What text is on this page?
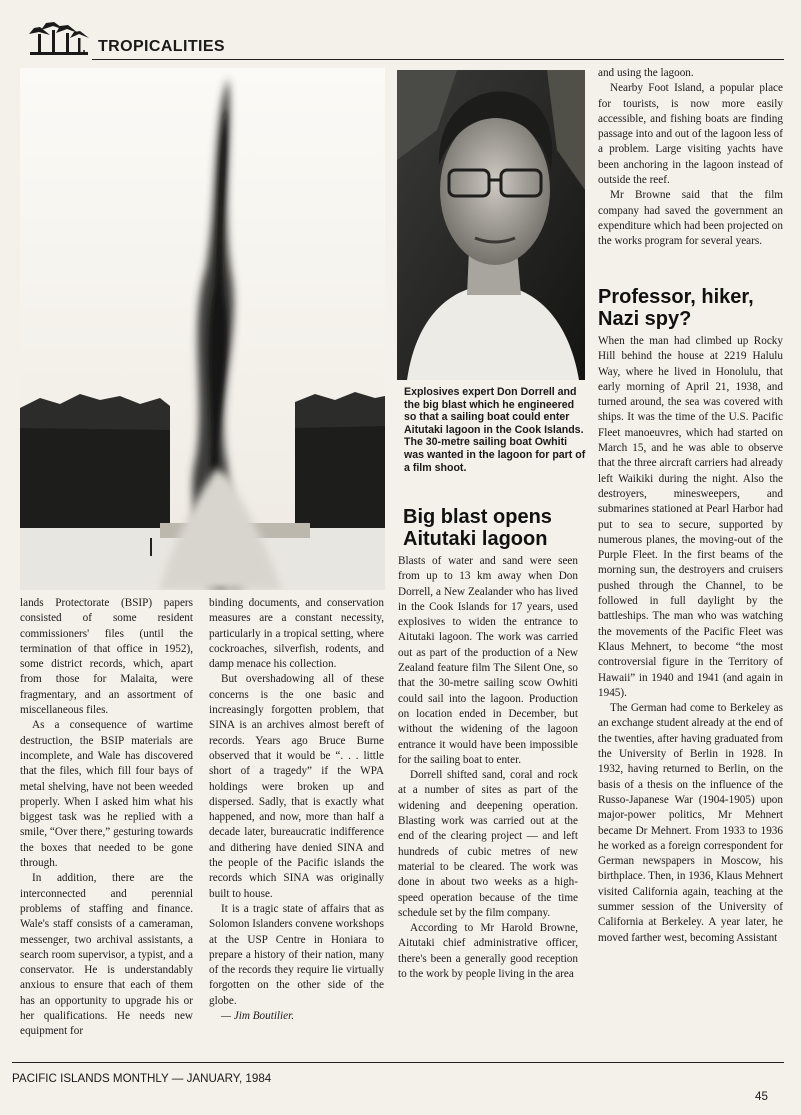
TROPICALITIES
Explosives expert Don Dorrell and the big blast which he engineered so that a sailing boat could enter Aitutaki lagoon in the Cook Islands. The 30-metre sailing boat Owhiti was wanted in the lagoon for part of a film shoot.

lands Protectorate (BSIP) papers consisted of some resident commissioners' files (until the termination of that office in 1952), some district records, which, apart from those for Malaita, were fragmentary, and an assortment of miscellaneous files.

As a consequence of wartime destruction, the BSIP materials are incomplete, and Wale has discovered that the files, which fill four bays of metal shelving, have not been weeded properly. When I asked him what his biggest task was he replied with a smile, “Over there,” gesturing towards the boxes that needed to be gone through.

In addition, there are the interconnected and perennial problems of staffing and finance. Wale's staff consists of a cameraman, messenger, two archival assistants, a search room supervisor, a typist, and a conservator. He is understandably anxious to ensure that each of them has an opportunity to upgrade his or her qualifications. He needs new equipment for

binding documents, and conservation measures are a constant necessity, particularly in a tropical setting, where cockroaches, silverfish, rodents, and damp menace his collection.

But overshadowing all of these concerns is the one basic and increasingly forgotten problem, that SINA is an archives almost bereft of records. Years ago Bruce Burne observed that it would be “. . . little short of a tragedy” if the WPA holdings were broken up and dispersed. Sadly, that is exactly what happened, and now, more than half a decade later, bureaucratic indifference and dithering have denied SINA and the people of the Pacific islands the records which SINA was originally built to house.

It is a tragic state of affairs that as Solomon Islanders convene workshops at the USP Centre in Honiara to prepare a history of their nation, many of the records they require lie virtually forgotten on the other side of the globe.

— Jim Boutilier.

Big blast opens Aitutaki lagoon

Blasts of water and sand were seen from up to 13 km away when Don Dorrell, a New Zealander who has lived in the Cook Islands for 17 years, used explosives to widen the entrance to Aitutaki lagoon. The work was carried out as part of the production of a New Zealand feature film The Silent One, so that the 30-metre sailing scow Owhiti could sail into the lagoon. Production on location ended in December, but without the widening of the lagoon entrance it would have been impossible for the sailing boat to enter.

Dorrell shifted sand, coral and rock at a number of sites as part of the widening and deepening operation. Blasting work was carried out at the end of the clearing project — and left hundreds of cubic metres of new material to be cleared. The work was done in about two weeks as a high-speed operation because of the time schedule set by the film company.

According to Mr Harold Browne, Aitutaki chief administrative officer, there's been a generally good reception to the work by people living in the area

and using the lagoon.

Nearby Foot Island, a popular place for tourists, is now more easily accessible, and fishing boats are finding passage into and out of the lagoon less of a problem. Large visiting yachts have been anchoring in the lagoon instead of outside the reef.

Mr Browne said that the film company had saved the government an expenditure which had been projected on the works program for several years.

Professor, hiker, Nazi spy?

When the man had climbed up Rocky Hill behind the house at 2219 Halulu Way, where he lived in Honolulu, that early morning of April 21, 1938, and turned around, the sea was covered with ships. It was the time of the U.S. Pacific Fleet manoeuvres, which had started on March 15, and he was able to observe that the three aircraft carriers had already left Waikiki during the night. Also the destroyers, minesweepers, and submarines stationed at Pearl Harbor had put to sea to secure, supported by numerous planes, the moving-out of the Purple Fleet. In the first beams of the morning sun, the destroyers and cruisers pushed through the Channel, to be followed in full daylight by the battleships. The man who was watching the movements of the Pacific Fleet was Klaus Mehnert, to become “the most controversial figure in the Territory of Hawaii” in 1940 and 1941 (and again in 1945).

The German had come to Berkeley as an exchange student already at the end of the twenties, after having graduated from the University of Berlin in 1928. In 1932, having returned to Berlin, on the basis of a thesis on the influence of the Russo-Japanese War (1904-1905) upon major-power politics, Mr Mehnert became Dr Mehnert. From 1933 to 1936 he worked as a foreign correspondent for German newspapers in Moscow, his birthplace. Then, in 1936, Klaus Mehnert visited California again, teaching at the summer session of the University of California at Berkeley. A year later, he moved farther west, becoming Assistant

PACIFIC ISLANDS MONTHLY — JANUARY, 1984
45
